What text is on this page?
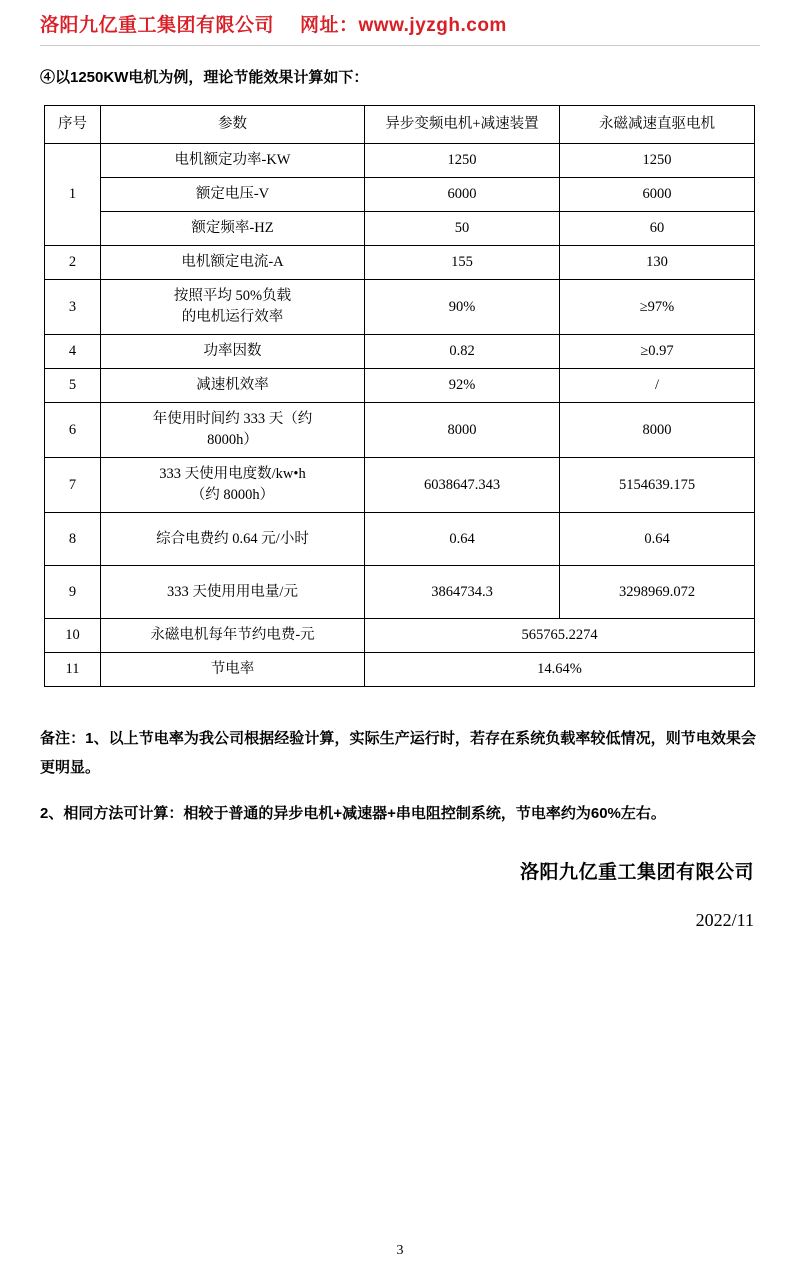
洛阳九亿重工集团有限公司 网址：www.jyzgh.com
④以1250KW电机为例，理论节能效果计算如下：
序号	参数	异步变频电机+减速装置	永磁减速直驱电机
1	电机额定功率-KW	1250	1250
	额定电压-V	6000	6000
	额定频率-HZ	50	60
2	电机额定电流-A	155	130
3	按照平均 50%负载
的电机运行效率	90%	≥97%
4	功率因数	0.82	≥0.97
5	减速机效率	92%	/
6	年使用时间约 333 天（约
8000h）	8000	8000
7	333 天使用电度数/kw•h
（约 8000h）	6038647.343	5154639.175
8	综合电费约 0.64 元/小时	0.64	0.64
9	333 天使用用电量/元	3864734.3	3298969.072
10	永磁电机每年节约电费-元	565765.2274	
11	节电率	14.64%	

备注：1、以上节电率为我公司根据经验计算，实际生产运行时，若存在系统负载率较低情况，则节电效果会更明显。

2、相同方法可计算：相较于普通的异步电机+减速器+串电阻控制系统，节电率约为60%左右。

洛阳九亿重工集团有限公司
2022/11
3
